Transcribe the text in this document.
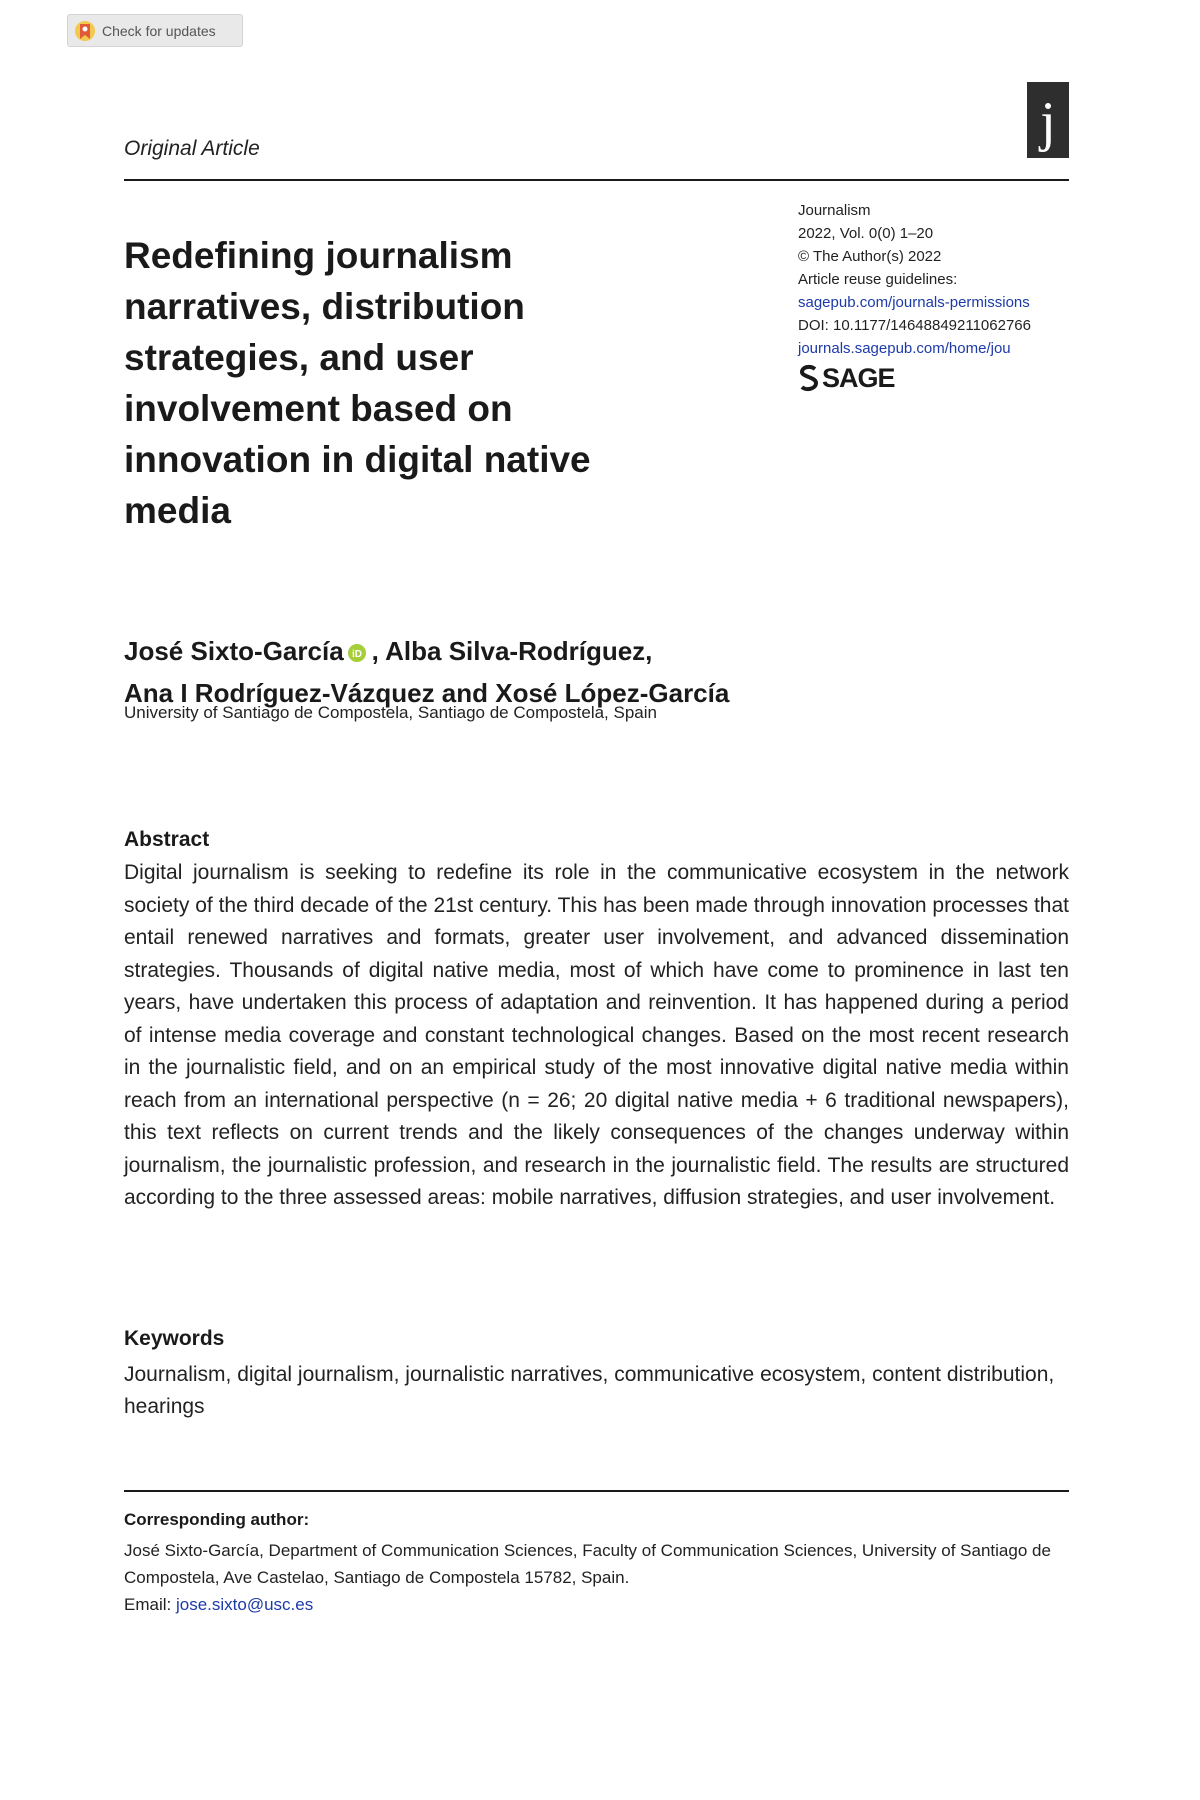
Check for updates
j
Original Article
Redefining journalism narratives, distribution strategies, and user involvement based on innovation in digital native media
Journalism
2022, Vol. 0(0) 1–20
© The Author(s) 2022
Article reuse guidelines:
sagepub.com/journals-permissions
DOI: 10.1177/14648849211062766
journals.sagepub.com/home/jou
SAGE
José Sixto-García iD , Alba Silva-Rodríguez,
Ana I Rodríguez-Vázquez and Xosé López-García
University of Santiago de Compostela, Santiago de Compostela, Spain
Abstract

Digital journalism is seeking to redefine its role in the communicative ecosystem in the network society of the third decade of the 21st century. This has been made through innovation processes that entail renewed narratives and formats, greater user involvement, and advanced dissemination strategies. Thousands of digital native media, most of which have come to prominence in last ten years, have undertaken this process of adaptation and reinvention. It has happened during a period of intense media coverage and constant technological changes. Based on the most recent research in the journalistic field, and on an empirical study of the most innovative digital native media within reach from an international perspective (n = 26; 20 digital native media + 6 traditional newspapers), this text reflects on current trends and the likely consequences of the changes underway within journalism, the journalistic profession, and research in the journalistic field. The results are structured according to the three assessed areas: mobile narratives, diffusion strategies, and user involvement.

Keywords

Journalism, digital journalism, journalistic narratives, communicative ecosystem, content distribution, hearings

Corresponding author:
José Sixto-García, Department of Communication Sciences, Faculty of Communication Sciences, University of Santiago de Compostela, Ave Castelao, Santiago de Compostela 15782, Spain.
Email: jose.sixto@usc.es
